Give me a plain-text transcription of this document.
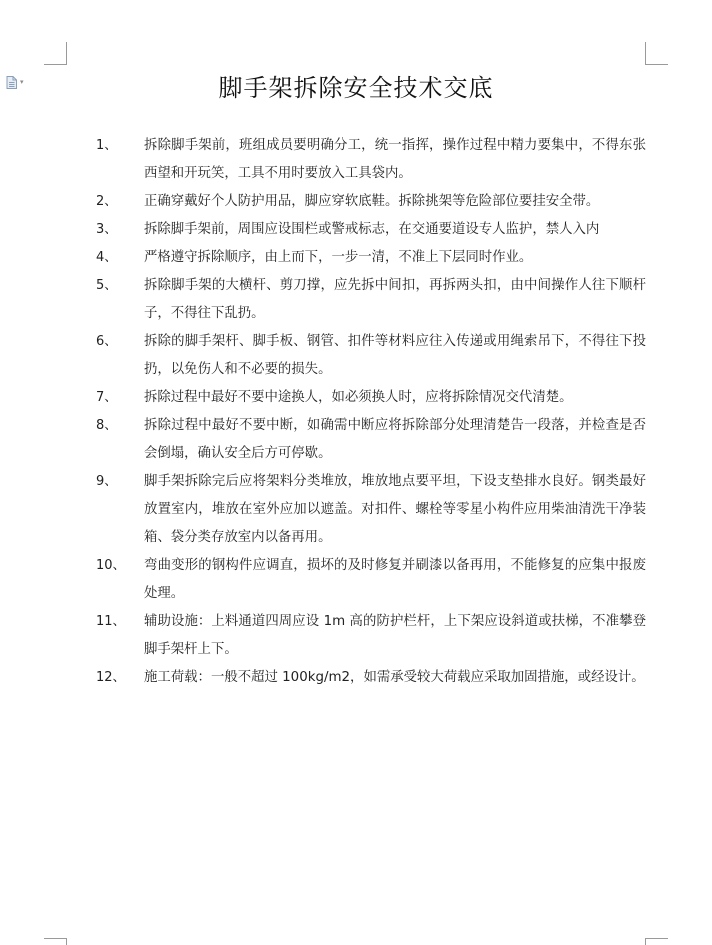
▾	脚手架拆除安全技术交底
1、 拆除脚手架前，班组成员要明确分工，统一指挥，操作过程中精力要集中，不得东张西望和开玩笑，工具不用时要放入工具袋内。
2、 正确穿戴好个人防护用品，脚应穿软底鞋。拆除挑架等危险部位要挂安全带。
3、 拆除脚手架前，周围应设围栏或警戒标志，在交通要道设专人监护，禁人入内
4、 严格遵守拆除顺序，由上而下，一步一清，不准上下层同时作业。
5、 拆除脚手架的大横杆、剪刀撑，应先拆中间扣，再拆两头扣，由中间操作人往下顺杆子，不得往下乱扔。
6、 拆除的脚手架杆、脚手板、钢管、扣件等材料应往入传递或用绳索吊下，不得往下投扔，以免伤人和不必要的损失。
7、 拆除过程中最好不要中途换人，如必须换人时，应将拆除情况交代清楚。
8、 拆除过程中最好不要中断，如确需中断应将拆除部分处理清楚告一段落，并检查是否会倒塌，确认安全后方可停歇。
9、 脚手架拆除完后应将架料分类堆放，堆放地点要平坦，下设支垫排水良好。钢类最好放置室内，堆放在室外应加以遮盖。对扣件、螺栓等零星小构件应用柴油清洗干净装箱、袋分类存放室内以备再用。
10、 弯曲变形的钢构件应调直，损坏的及时修复并刷漆以备再用，不能修复的应集中报废处理。
11、 辅助设施：上料通道四周应设 1m 高的防护栏杆，上下架应设斜道或扶梯，不准攀登脚手架杆上下。
12、 施工荷载：一般不超过 100kg/m2，如需承受较大荷载应采取加固措施，或经设计。
